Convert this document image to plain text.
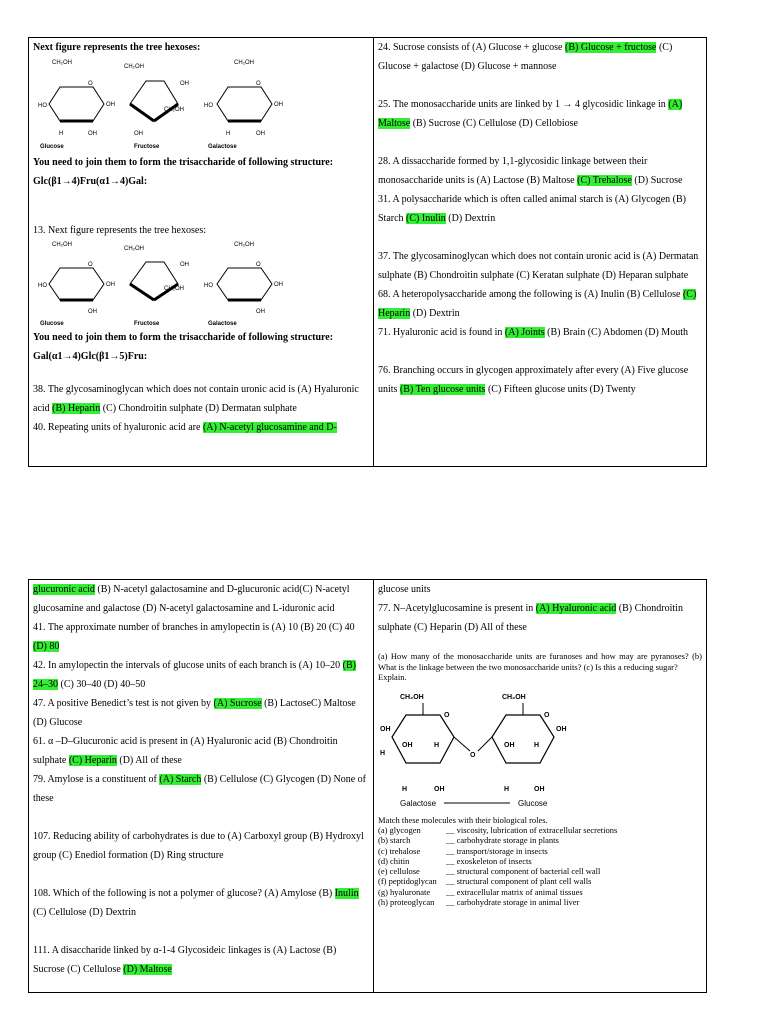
Next figure represents the tree hexoses:

CH₂OH
O
HO	OH
H	OH
Glucose
CH₂OH
OH
CH₂OH
OH
Fructose
CH₂OH
O
HO	OH
H	OH
Galactose

You need to join them to form the trisaccharide of following structure:

Glc(β1→4)Fru(α1→4)Gal:

13. Next figure represents the tree hexoses:

CH₂OH
O
HO	OH
OH
Glucose
CH₂OH
OH
CH₂OH
Fructose
CH₂OH
O
HO	OH
OH
Galactose

You need to join them to form the trisaccharide of following structure:

Gal(α1→4)Glc(β1→5)Fru:

38. The glycosaminoglycan which does not contain uronic acid is (A) Hyaluronic acid (B) Heparin (C) Chondroitin sulphate (D) Dermatan sulphate

40. Repeating units of hyaluronic acid are (A) N-acetyl glucosamine and D-

24. Sucrose consists of (A) Glucose + glucose (B) Glucose + fructose (C) Glucose + galactose (D) Glucose + mannose

25. The monosaccharide units are linked by 1 → 4 glycosidic linkage in (A) Maltose (B) Sucrose (C) Cellulose (D) Cellobiose

28. A dissaccharide formed by 1,1-glycosidic linkage between their monosaccharide units is (A) Lactose (B) Maltose (C) Trehalose (D) Sucrose

31. A polysaccharide which is often called animal starch is (A) Glycogen (B) Starch (C) Inulin (D) Dextrin

37. The glycosaminoglycan which does not contain uronic acid is (A) Dermatan sulphate (B) Chondroitin sulphate (C) Keratan sulphate (D) Heparan sulphate

68. A heteropolysaccharide among the following is (A) Inulin (B) Cellulose (C) Heparin (D) Dextrin

71. Hyaluronic acid is found in (A) Joints (B) Brain (C) Abdomen (D) Mouth

76. Branching occurs in glycogen approximately after every (A) Five glucose units (B) Ten glucose units (C) Fifteen glucose units (D) Twenty

glucuronic acid (B) N-acetyl galactosamine and D-glucuronic acid(C) N-acetyl glucosamine and galactose (D) N-acetyl galactosamine and L-iduronic acid

41. The approximate number of branches in amylopectin is (A) 10 (B) 20 (C) 40 (D) 80

42. In amylopectin the intervals of glucose units of each branch is (A) 10–20 (B) 24–30 (C) 30–40 (D) 40–50

47. A positive Benedict’s test is not given by (A) Sucrose (B) LactoseC) Maltose (D) Glucose

61. α –D–Glucuronic acid is present in (A) Hyaluronic acid (B) Chondroitin sulphate (C) Heparin (D) All of these

79. Amylose is a constituent of (A) Starch (B) Cellulose (C) Glycogen (D) None of these

107. Reducing ability of carbohydrates is due to (A) Carboxyl group (B) Hydroxyl group (C) Enediol formation (D) Ring structure

108. Which of the following is not a polymer of glucose? (A) Amylose (B) Inulin (C) Cellulose (D) Dextrin

111. A disaccharide linked by α-1-4 Glycosideic linkages is (A) Lactose (B) Sucrose (C) Cellulose (D) Maltose

glucose units

77. N–Acetylglucosamine is present in (A) Hyaluronic acid (B) Chondroitin sulphate (C) Heparin (D) All of these

(a) How many of the monosaccharide units are furanoses and how may are pyranoses? (b) What is the linkage between the two monosaccharide units? (c) Is this a reducing sugar?

Explain.

CH₂OH
O
OH
H
OH	H
H	OH
O
CH₂OH
O
OH	H
OH
H	OH
Galactose	Glucose

Match these molecules with their biological roles.

(a) glycogen	__ viscosity, lubrication of extracellular secretions
(b) starch	__ carbohydrate storage in plants
(c) trehalose	__ transport/storage in insects
(d) chitin	__ exoskeleton of insects
(e) cellulose	__ structural component of bacterial cell wall
(f) peptidoglycan	__ structural component of plant cell walls
(g) hyaluronate	__ extracellular matrix of animal tissues
(h) proteoglycan	__ carbohydrate storage in animal liver
